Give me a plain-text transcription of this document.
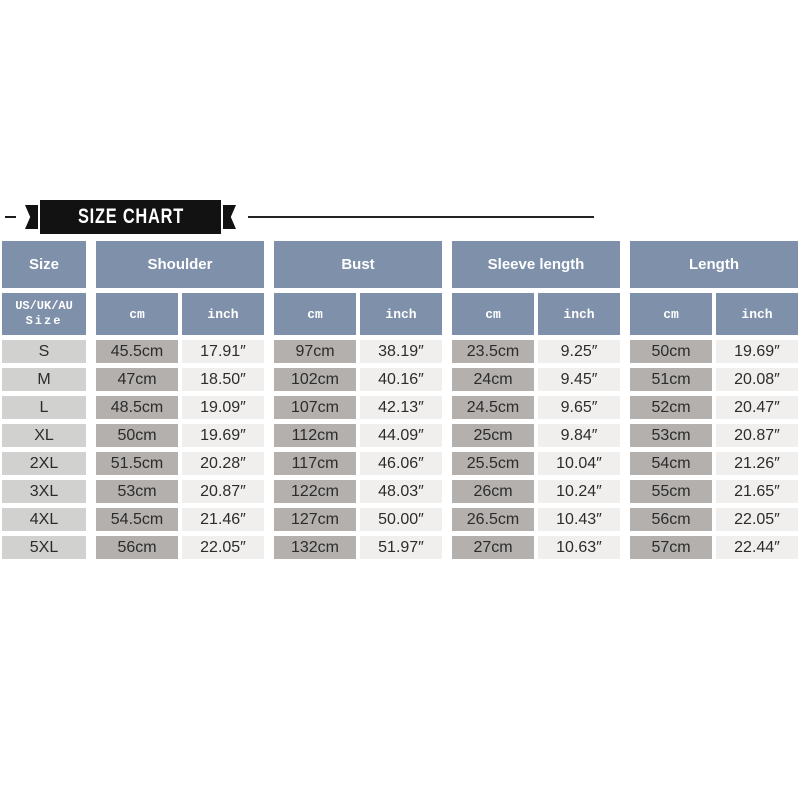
SIZE CHART
Size	Shoulder	Bust	Sleeve length	Length
US/UK/AU
Size	cm	inch	cm	inch	cm	inch	cm	inch
S	45.5cm	17.91″	97cm	38.19″	23.5cm	9.25″	50cm	19.69″
M	47cm	18.50″	102cm	40.16″	24cm	9.45″	51cm	20.08″
L	48.5cm	19.09″	107cm	42.13″	24.5cm	9.65″	52cm	20.47″
XL	50cm	19.69″	112cm	44.09″	25cm	9.84″	53cm	20.87″
2XL	51.5cm	20.28″	117cm	46.06″	25.5cm	10.04″	54cm	21.26″
3XL	53cm	20.87″	122cm	48.03″	26cm	10.24″	55cm	21.65″
4XL	54.5cm	21.46″	127cm	50.00″	26.5cm	10.43″	56cm	22.05″
5XL	56cm	22.05″	132cm	51.97″	27cm	10.63″	57cm	22.44″
